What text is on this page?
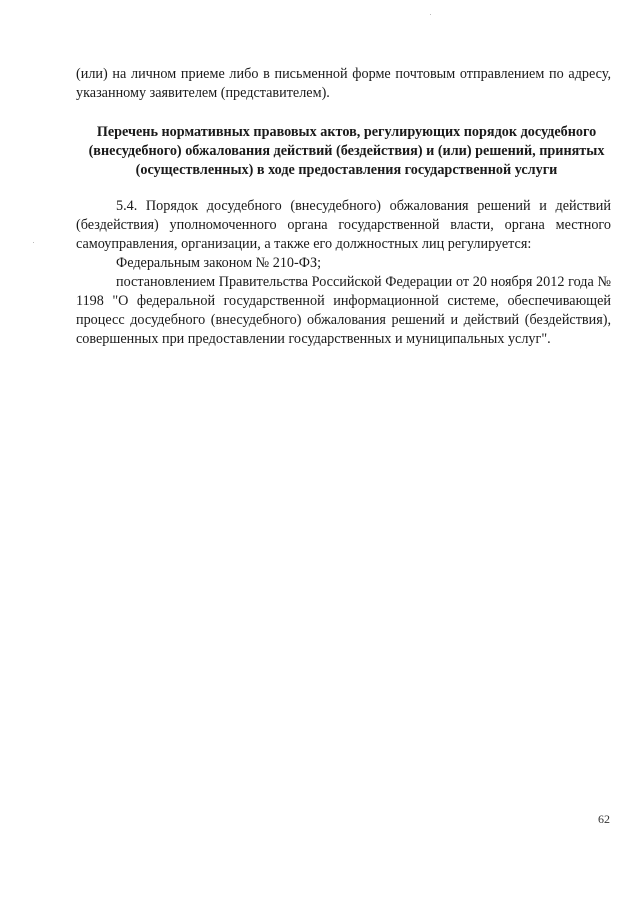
(или) на личном приеме либо в письменной форме почтовым отправлением по адресу, указанному заявителем (представителем).

Перечень нормативных правовых актов, регулирующих порядок досудебного (внесудебного) обжалования действий (бездействия) и (или) решений, принятых (осуществленных) в ходе предоставления государственной услуги

5.4. Порядок досудебного (внесудебного) обжалования решений и действий (бездействия) уполномоченного органа государственной власти, органа местного самоуправления, организации, а также его должностных лиц регулируется:

Федеральным законом № 210-ФЗ;

постановлением Правительства Российской Федерации от 20 ноября 2012 года № 1198 "О федеральной государственной информационной системе, обеспечивающей процесс досудебного (внесудебного) обжалования решений и действий (бездействия), совершенных при предоставлении государственных и муниципальных услуг".

62
